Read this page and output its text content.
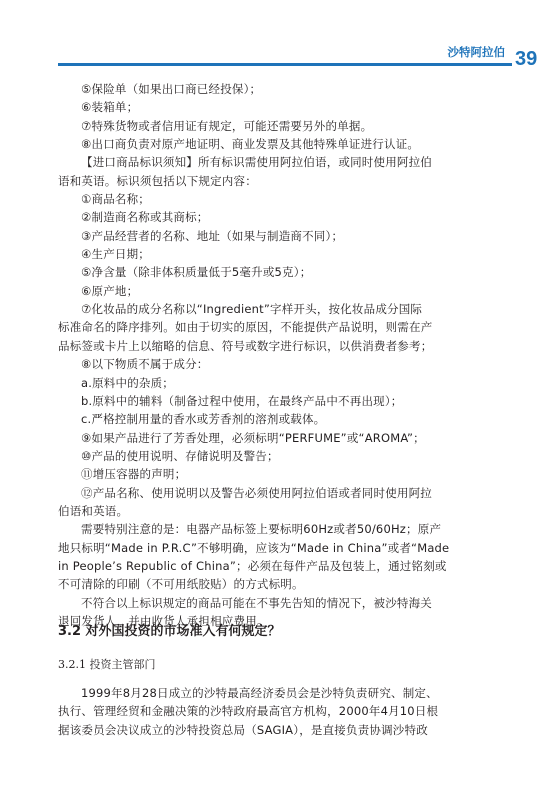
沙特阿拉伯 39

⑤保险单（如果出口商已经投保）；

⑥装箱单；

⑦特殊货物或者信用证有规定，可能还需要另外的单据。

⑧出口商负责对原产地证明、商业发票及其他特殊单证进行认证。

【进口商品标识须知】所有标识需使用阿拉伯语，或同时使用阿拉伯

语和英语。标识须包括以下规定内容：

①商品名称；

②制造商名称或其商标；

③产品经营者的名称、地址（如果与制造商不同）；

④生产日期；

⑤净含量（除非体积质量低于5毫升或5克）；

⑥原产地；

⑦化妆品的成分名称以“Ingredient”字样开头，按化妆品成分国际

标准命名的降序排列。如由于切实的原因，不能提供产品说明，则需在产

品标签或卡片上以缩略的信息、符号或数字进行标识，以供消费者参考；

⑧以下物质不属于成分：

a.原料中的杂质；

b.原料中的辅料（制备过程中使用，在最终产品中不再出现）；

c.严格控制用量的香水或芳香剂的溶剂或载体。

⑨如果产品进行了芳香处理，必须标明“PERFUME”或“AROMA”；

⑩产品的使用说明、存储说明及警告；

⑪增压容器的声明；

⑫产品名称、使用说明以及警告必须使用阿拉伯语或者同时使用阿拉

伯语和英语。

需要特别注意的是：电器产品标签上要标明60Hz或者50/60Hz；原产

地只标明“Made in P.R.C”不够明确，应该为“Made in China”或者“Made

in People’s Republic of China”；必须在每件产品及包装上，通过铭刻或

不可清除的印刷（不可用纸胶贴）的方式标明。

不符合以上标识规定的商品可能在不事先告知的情况下，被沙特海关

退回发货人，并由收货人承担相应费用。

3.2 对外国投资的市场准入有何规定？
3.2.1 投资主管部门

1999年8月28日成立的沙特最高经济委员会是沙特负责研究、制定、

执行、管理经贸和金融决策的沙特政府最高官方机构，2000年4月10日根

据该委员会决议成立的沙特投资总局（SAGIA），是直接负责协调沙特政
